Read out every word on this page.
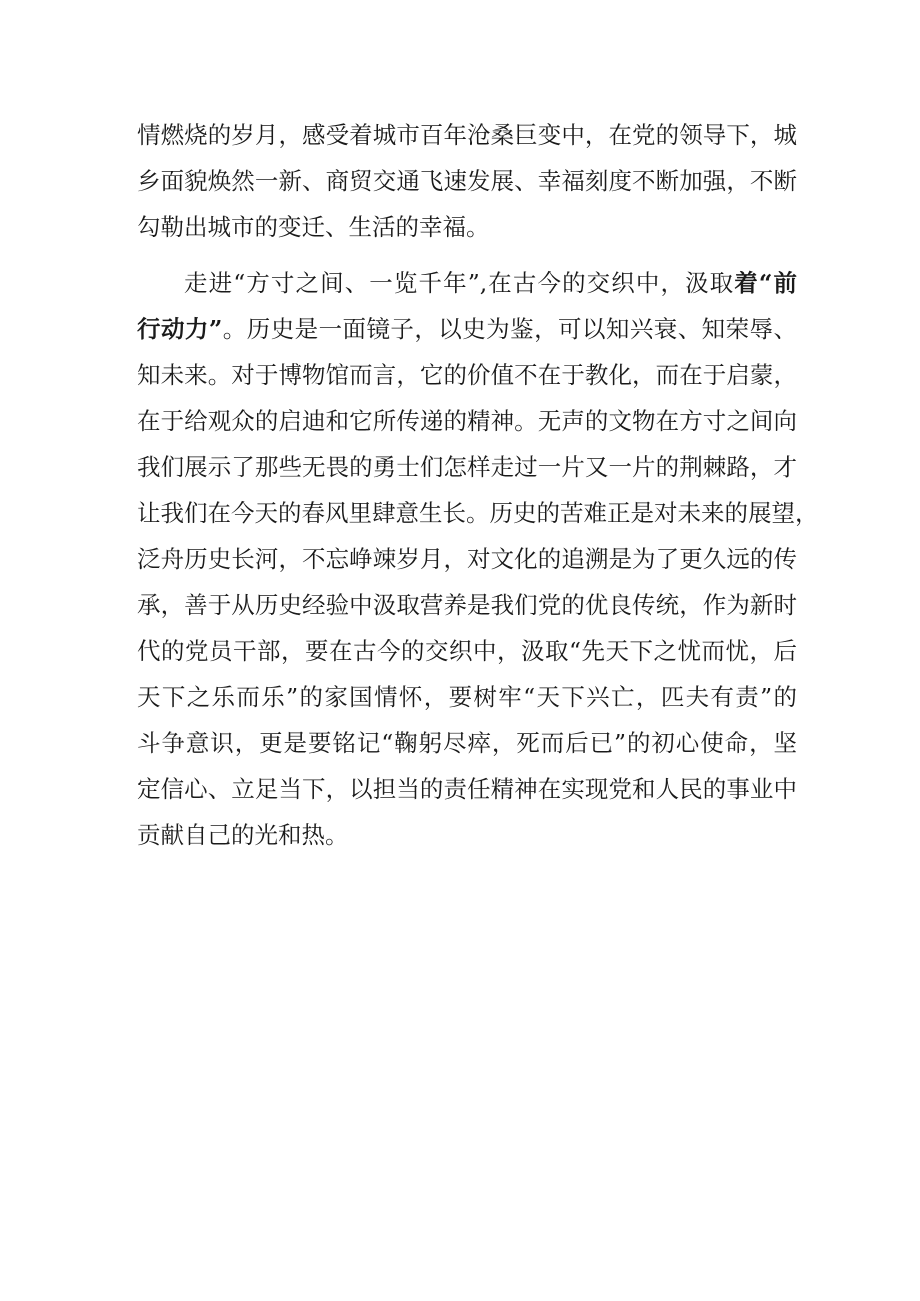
情燃烧的岁月，感受着城市百年沧桑巨变中，在党的领导下，城
乡面貌焕然一新、商贸交通飞速发展、幸福刻度不断加强，不断
勾勒出城市的变迁、生活的幸福。
走进“方寸之间、一览千年”,在古今的交织中，汲取着“前
行动力”。历史是一面镜子，以史为鉴，可以知兴衰、知荣辱、
知未来。对于博物馆而言，它的价值不在于教化，而在于启蒙，
在于给观众的启迪和它所传递的精神。无声的文物在方寸之间向
我们展示了那些无畏的勇士们怎样走过一片又一片的荆棘路，才
让我们在今天的春风里肆意生长。历史的苦难正是对未来的展望，
泛舟历史长河，不忘峥竦岁月，对文化的追溯是为了更久远的传
承，善于从历史经验中汲取营养是我们党的优良传统，作为新时
代的党员干部，要在古今的交织中，汲取“先天下之忧而忧，后
天下之乐而乐”的家国情怀，要树牢“天下兴亡，匹夫有责”的
斗争意识，更是要铭记“鞠躬尽瘁，死而后已”的初心使命，坚
定信心、立足当下，以担当的责任精神在实现党和人民的事业中
贡献自己的光和热。
